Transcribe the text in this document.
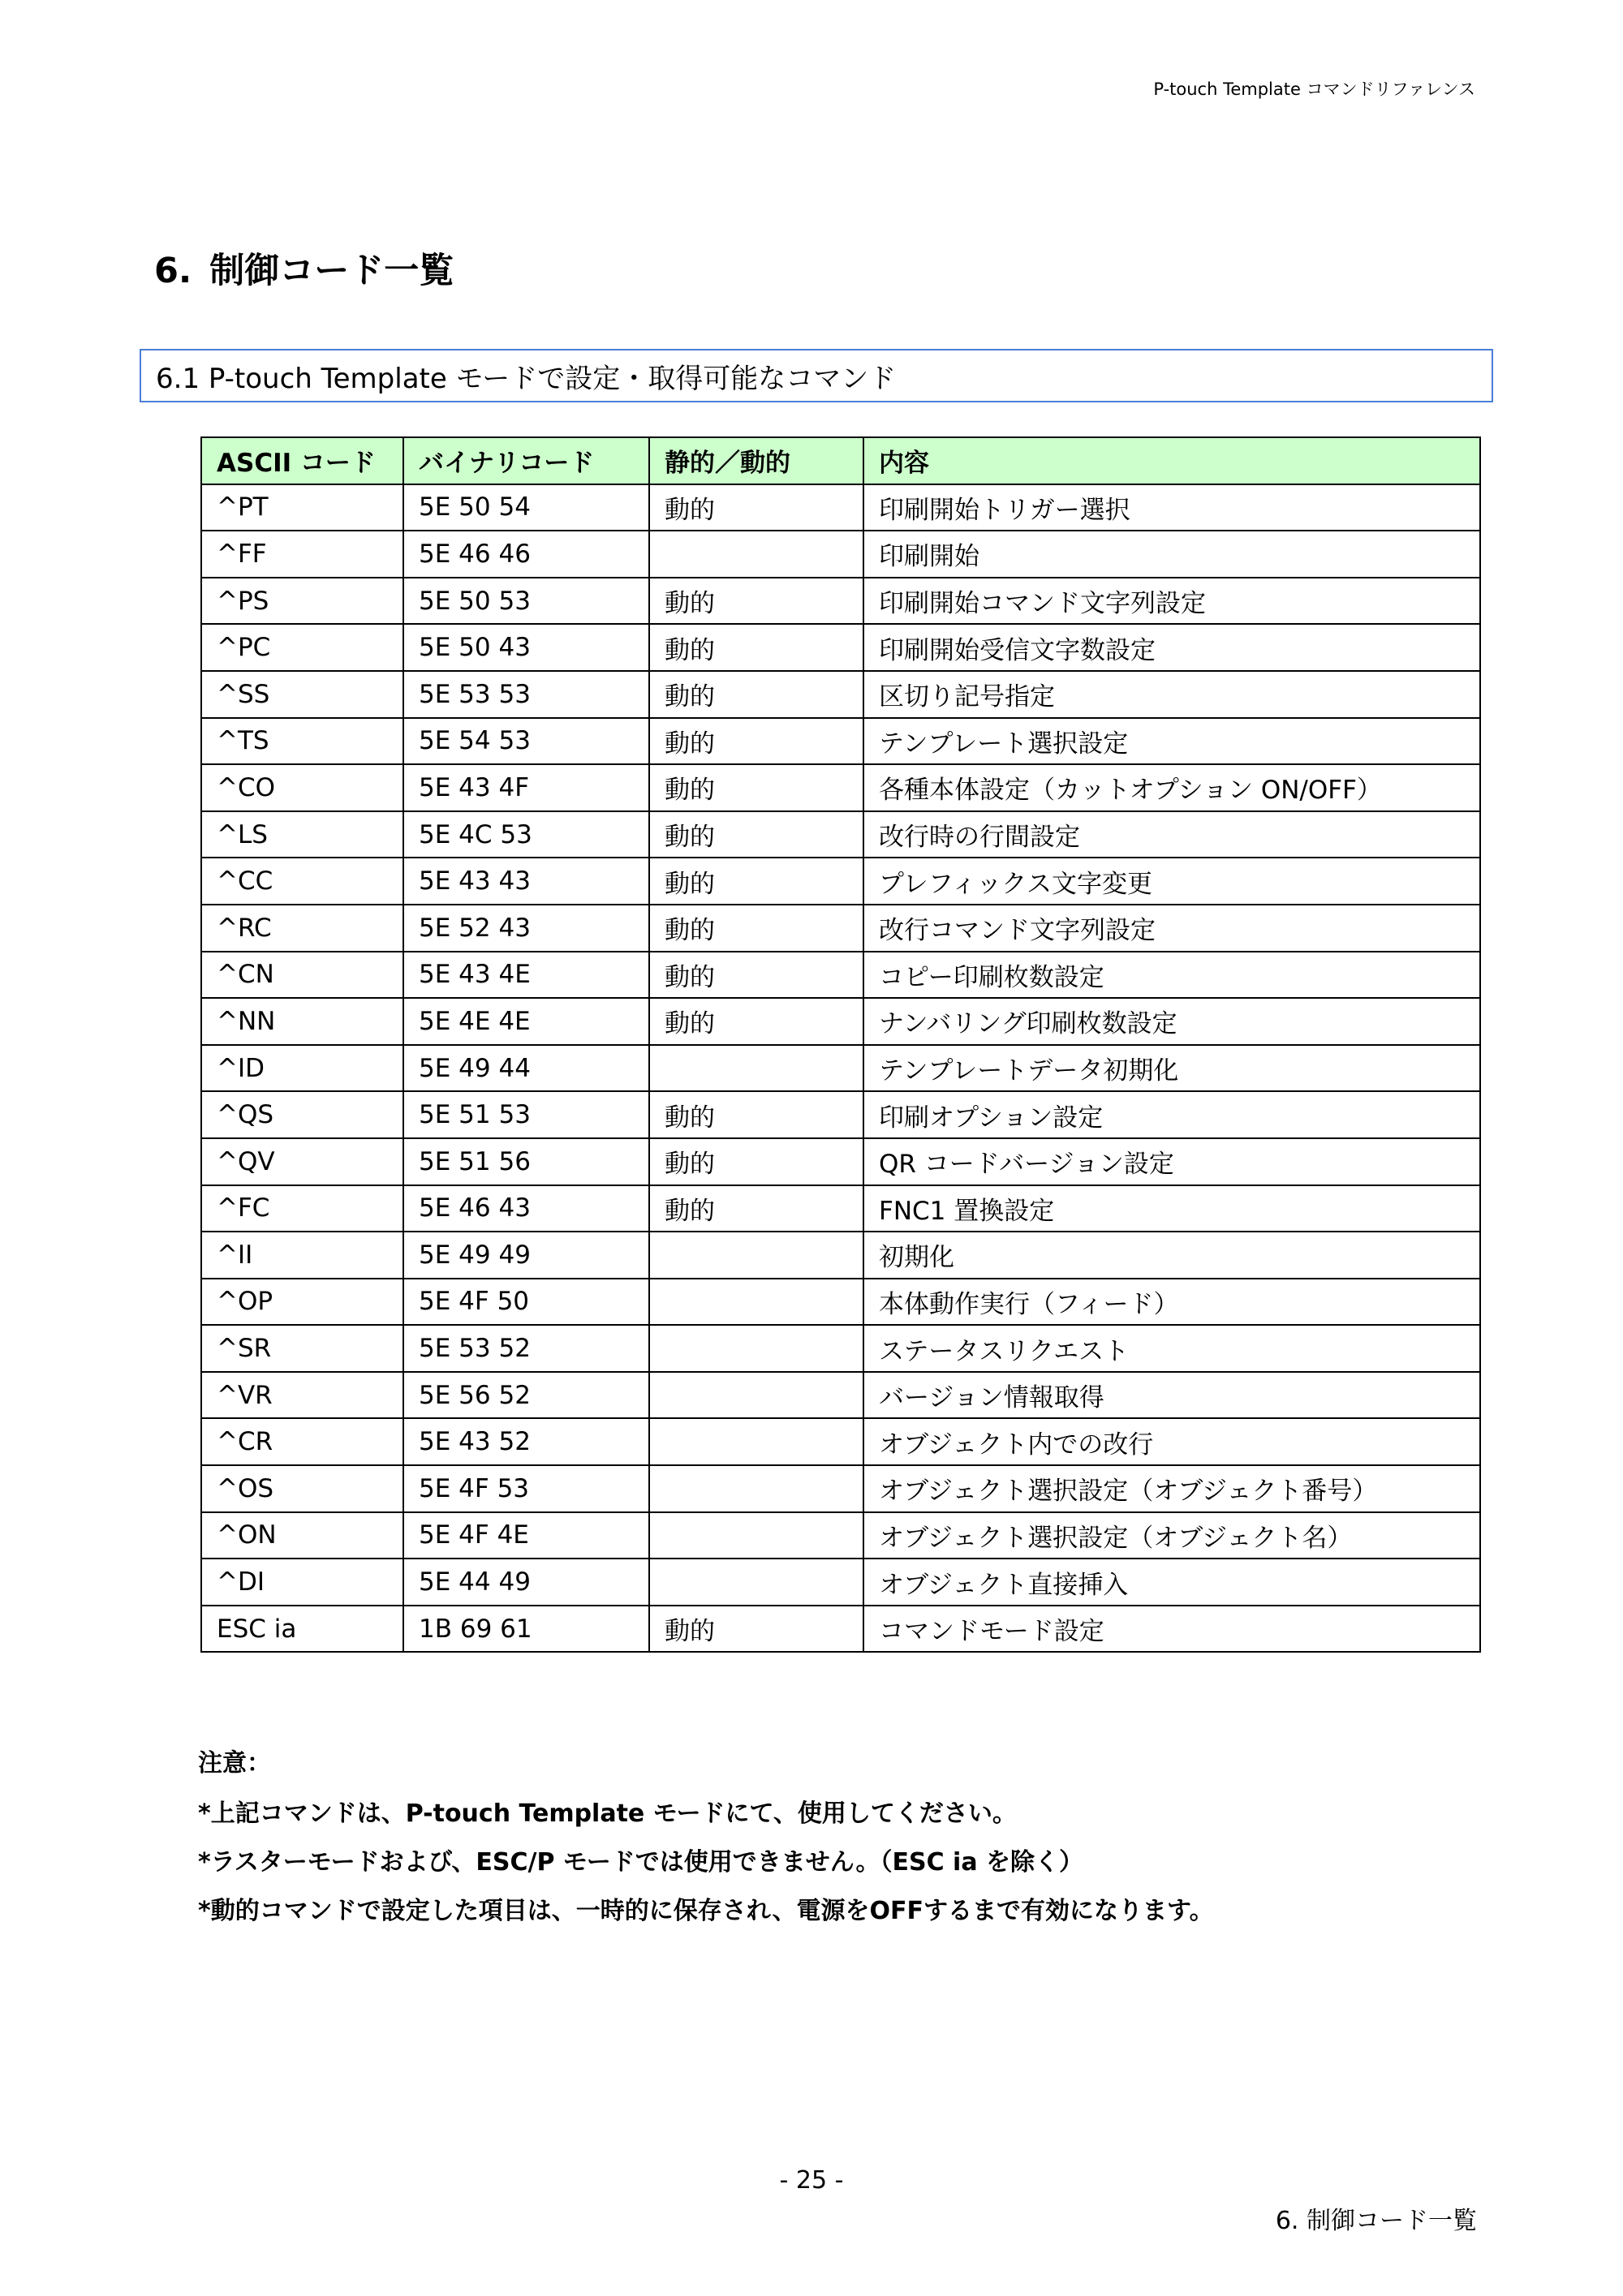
P-touch Template コマンドリファレンス
6. 制御コード一覧
6.1 P-touch Template モードで設定・取得可能なコマンド
ASCII コード	バイナリコード	静的／動的	内容
^PT	5E 50 54	動的	印刷開始トリガー選択
^FF	5E 46 46		印刷開始
^PS	5E 50 53	動的	印刷開始コマンド文字列設定
^PC	5E 50 43	動的	印刷開始受信文字数設定
^SS	5E 53 53	動的	区切り記号指定
^TS	5E 54 53	動的	テンプレート選択設定
^CO	5E 43 4F	動的	各種本体設定（カットオプション ON/OFF）
^LS	5E 4C 53	動的	改行時の行間設定
^CC	5E 43 43	動的	プレフィックス文字変更
^RC	5E 52 43	動的	改行コマンド文字列設定
^CN	5E 43 4E	動的	コピー印刷枚数設定
^NN	5E 4E 4E	動的	ナンバリング印刷枚数設定
^ID	5E 49 44		テンプレートデータ初期化
^QS	5E 51 53	動的	印刷オプション設定
^QV	5E 51 56	動的	QR コードバージョン設定
^FC	5E 46 43	動的	FNC1 置換設定
^II	5E 49 49		初期化
^OP	5E 4F 50		本体動作実行（フィード）
^SR	5E 53 52		ステータスリクエスト
^VR	5E 56 52		バージョン情報取得
^CR	5E 43 52		オブジェクト内での改行
^OS	5E 4F 53		オブジェクト選択設定（オブジェクト番号）
^ON	5E 4F 4E		オブジェクト選択設定（オブジェクト名）
^DI	5E 44 49		オブジェクト直接挿入
ESC ia	1B 69 61	動的	コマンドモード設定
注意：
*上記コマンドは、P-touch Template モードにて、使用してください。
*ラスターモードおよび、ESC/P モードでは使用できません。（ESC ia を除く）
*動的コマンドで設定した項目は、一時的に保存され、電源をOFFするまで有効になります。
- 25 -
6. 制御コード一覧
